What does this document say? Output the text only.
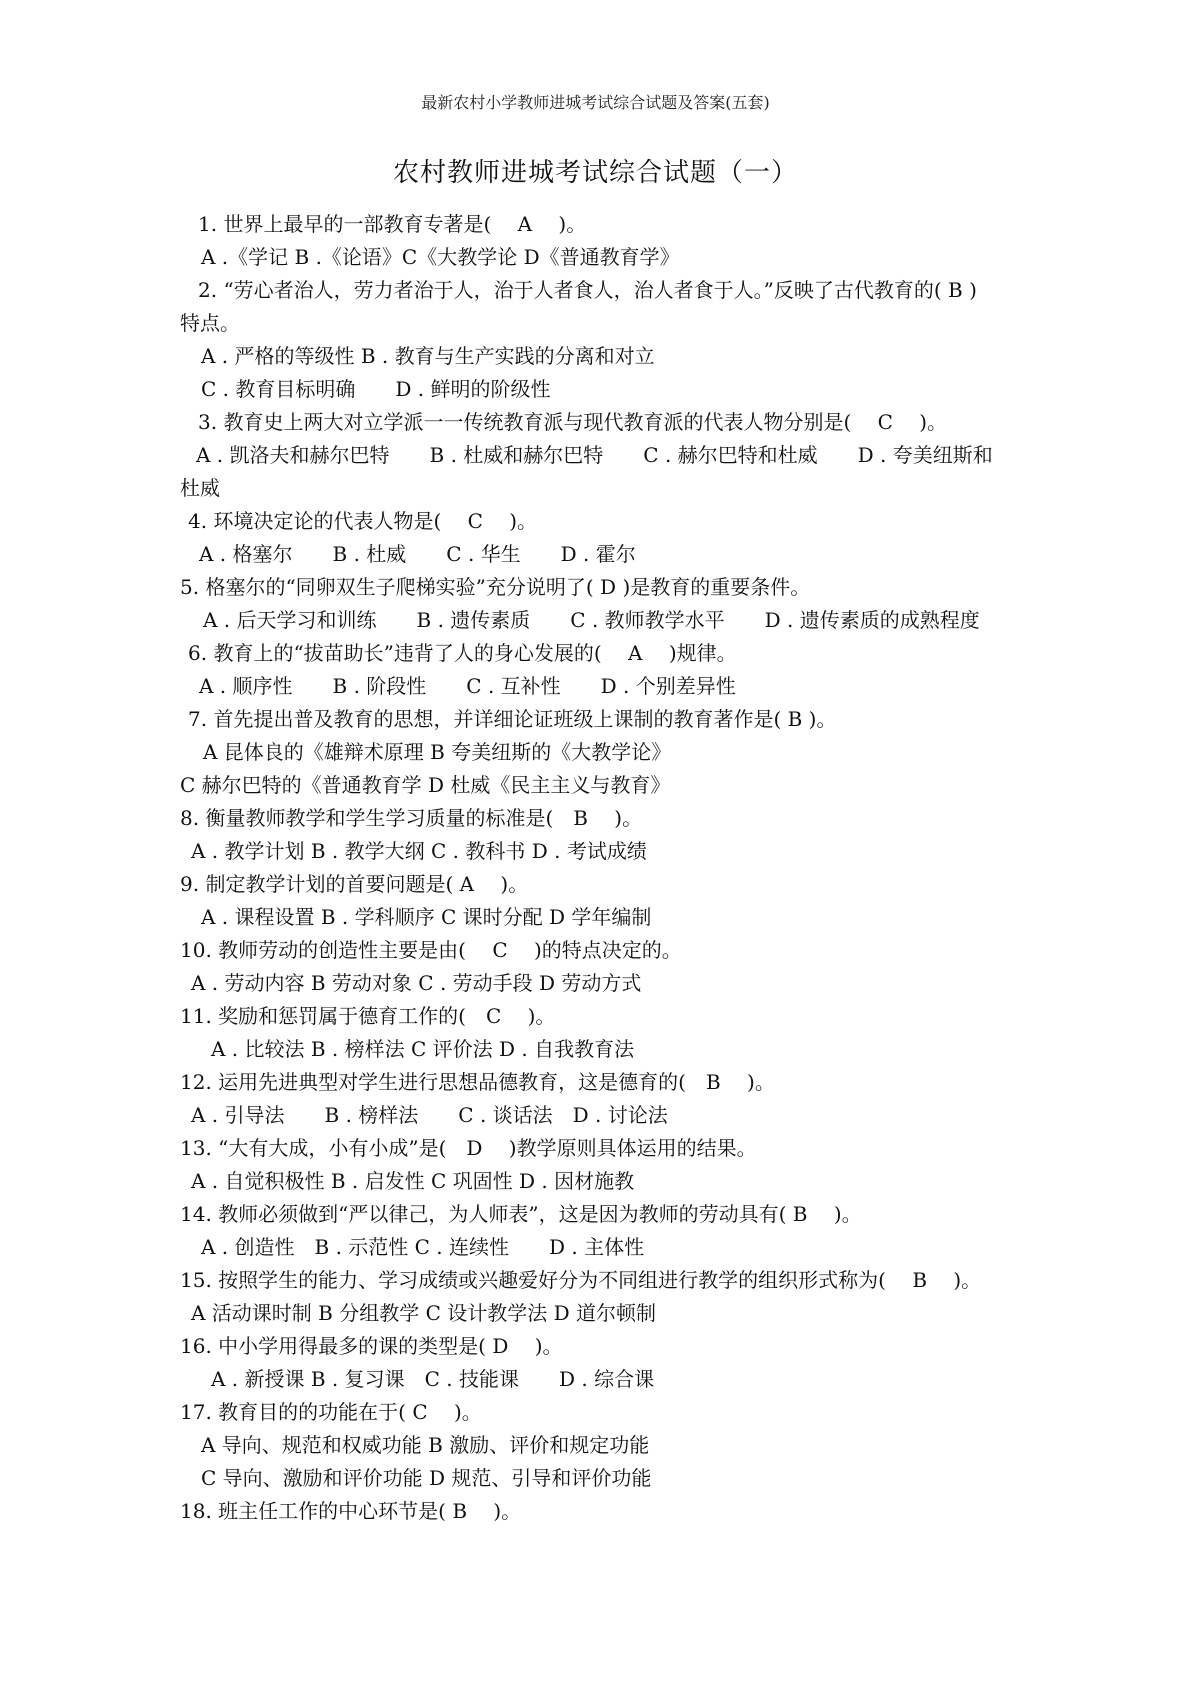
最新农村小学教师进城考试综合试题及答案(五套)
农村教师进城考试综合试题（一）
1. 世界上最早的一部教育专著是(　 A　 )。
A .《学记 B .《论语》C《大教学论 D《普通教育学》
2. “劳心者治人，劳力者治于人，治于人者食人，治人者食于人。”反映了古代教育的( B )
特点。
A . 严格的等级性 B . 教育与生产实践的分离和对立
C . 教育目标明确　　D . 鲜明的阶级性
3. 教育史上两大对立学派一一传统教育派与现代教育派的代表人物分别是(　 C　 )。
A . 凯洛夫和赫尔巴特　　B . 杜威和赫尔巴特　　C . 赫尔巴特和杜威　　D . 夸美纽斯和
杜威
4. 环境决定论的代表人物是(　 C　 )。
A . 格塞尔　　B . 杜威　　C . 华生　　D . 霍尔
5. 格塞尔的“同卵双生子爬梯实验”充分说明了( D )是教育的重要条件。
A . 后天学习和训练　　B . 遗传素质　　C . 教师教学水平　　D . 遗传素质的成熟程度
6. 教育上的“拔苗助长”违背了人的身心发展的(　 A　 )规律。
A . 顺序性　　B . 阶段性　　C . 互补性　　D . 个别差异性
7. 首先提出普及教育的思想，并详细论证班级上课制的教育著作是( B )。
A 昆体良的《雄辩术原理 B 夸美纽斯的《大教学论》
C 赫尔巴特的《普通教育学 D 杜威《民主主义与教育》
8. 衡量教师教学和学生学习质量的标准是(　B　 )。
A . 教学计划 B . 教学大纲 C . 教科书 D . 考试成绩
9. 制定教学计划的首要问题是( A　 )。
A . 课程设置 B . 学科顺序 C 课时分配 D 学年编制
10. 教师劳动的创造性主要是由(　 C　 )的特点决定的。
A . 劳动内容 B 劳动对象 C . 劳动手段 D 劳动方式
11. 奖励和惩罚属于德育工作的(　C　 )。
A . 比较法 B . 榜样法 C 评价法 D . 自我教育法
12. 运用先进典型对学生进行思想品德教育，这是德育的(　B　 )。
A . 引导法　　B . 榜样法　　C . 谈话法　D . 讨论法
13. “大有大成，小有小成”是(　D　 )教学原则具体运用的结果。
A . 自觉积极性 B . 启发性 C 巩固性 D . 因材施教
14. 教师必须做到“严以律己，为人师表”，这是因为教师的劳动具有( B　 )。
A . 创造性　B . 示范性 C . 连续性　　D . 主体性
15. 按照学生的能力、学习成绩或兴趣爱好分为不同组进行教学的组织形式称为(　 B　 )。
A 活动课时制 B 分组教学 C 设计教学法 D 道尔顿制
16. 中小学用得最多的课的类型是( D　 )。
A . 新授课 B . 复习课　C . 技能课　　D . 综合课
17. 教育目的的功能在于( C　 )。
A 导向、规范和权威功能 B 激励、评价和规定功能
C 导向、激励和评价功能 D 规范、引导和评价功能
18. 班主任工作的中心环节是( B　 )。
